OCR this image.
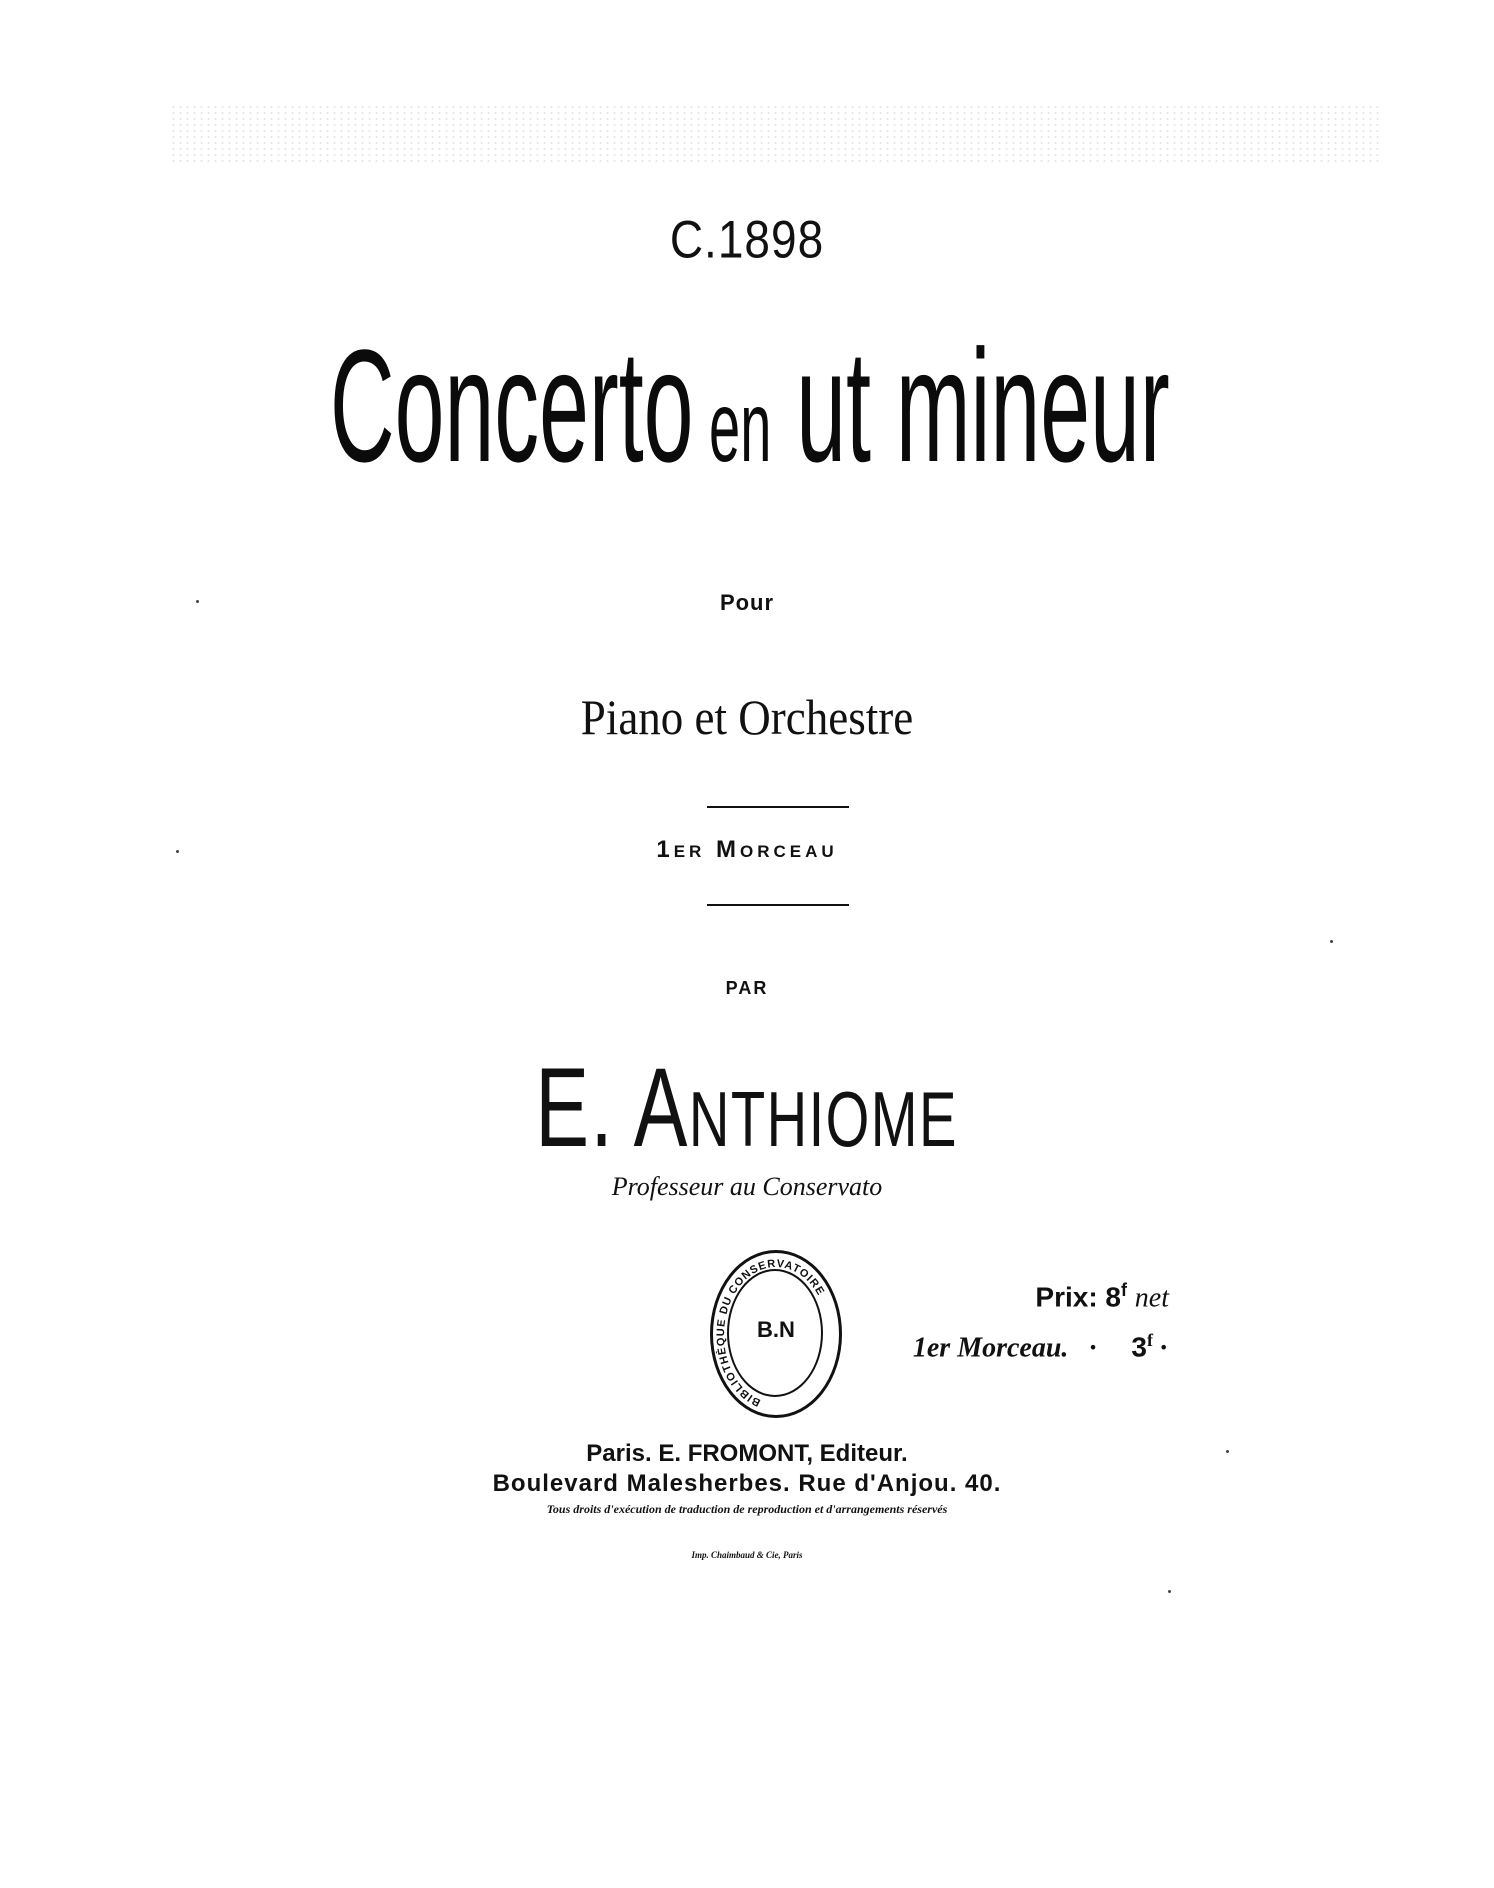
C.1898
Concerto en ut mineur
Pour
Piano et Orchestre
1er Morceau
PAR
E. Anthiome
Professeur au Conservato
BIBLIOTHÈQUE DU CONSERVATOIRE
B.N
Prix: 8$^f$ net
1er Morceau. · $3^f$ ·
Paris. E. FROMONT, Editeur.
Boulevard Malesherbes. Rue d'Anjou. 40.
Tous droits d'exécution de traduction de reproduction et d'arrangements réservés
Imp. Chaimbaud & Cie, Paris
